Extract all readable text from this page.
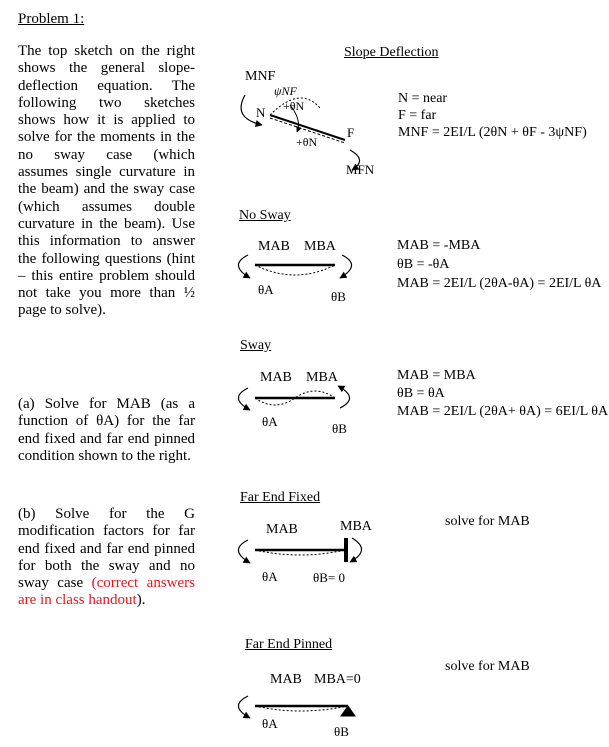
Problem 1:
The top sketch on the right shows the general slope-deflection equation. The following two sketches shows how it is applied to solve for the moments in the no sway case (which assumes single curvature in the beam) and the sway case (which assumes double curvature in the beam). Use this information to answer the following questions (hint – this entire problem should not take you more than ½ page to solve).
(a) Solve for MAB (as a function of θA) for the far end fixed and far end pinned condition shown to the right.
(b) Solve for the G modification factors for far end fixed and far end pinned for both the sway and no sway case (correct answers are in class handout).
Slope Deflection
N = near
F = far
MNF = 2EI/L (2θN + θF - 3ψNF)
No Sway
MAB = -MBA
θB = -θA
MAB = 2EI/L (2θA-θA) = 2EI/L θA
Sway
MAB = MBA
θB = θA
MAB = 2EI/L (2θA+ θA) = 6EI/L θA
Far End Fixed
solve for MAB
Far End Pinned
solve for MAB
MNF
ψNF
+θN
N
+θN
F
MFN
MAB MBA
θA	θB
MAB MBA
θA	θB
MAB	MBA
θA	θB= 0
MAB MBA=0
θA
θB
